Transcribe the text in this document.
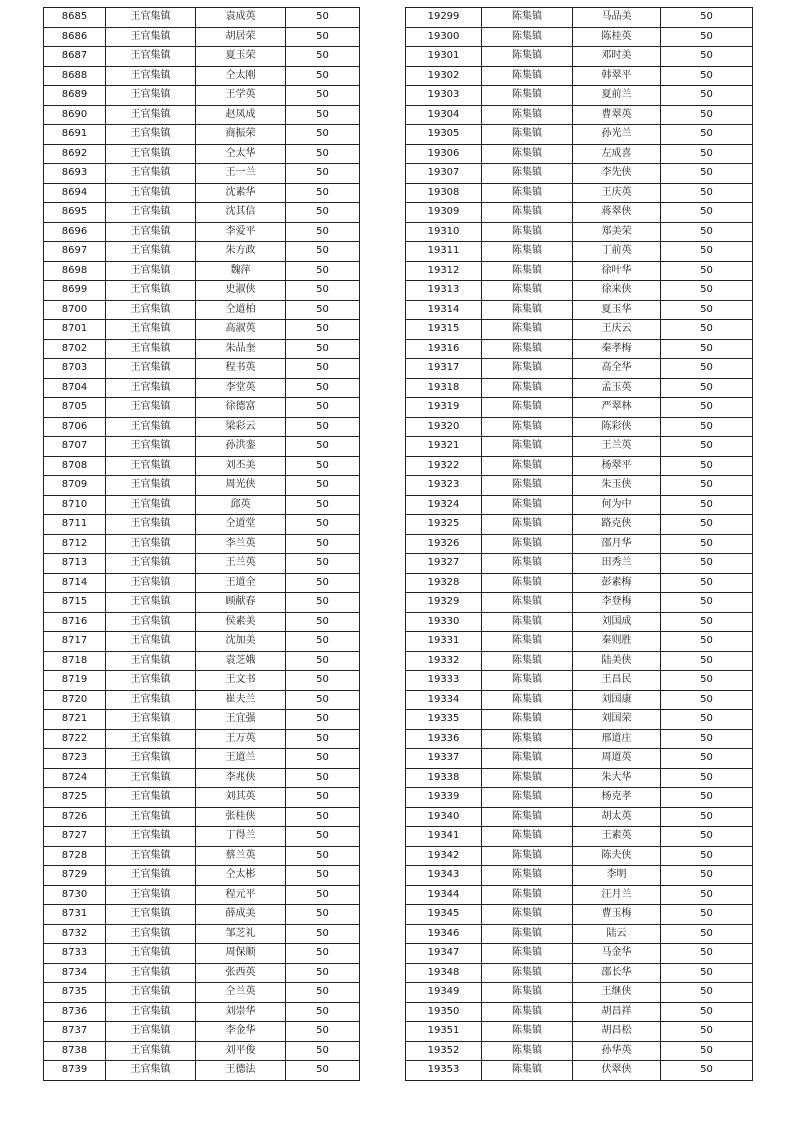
8685	王官集镇	袁成英	50
8686	王官集镇	胡居荣	50
8687	王官集镇	夏玉荣	50
8688	王官集镇	仝太刚	50
8689	王官集镇	王学英	50
8690	王官集镇	赵凤成	50
8691	王官集镇	商振荣	50
8692	王官集镇	仝太华	50
8693	王官集镇	王一兰	50
8694	王官集镇	沈素华	50
8695	王官集镇	沈其信	50
8696	王官集镇	李爱平	50
8697	王官集镇	朱方政	50
8698	王官集镇	魏萍	50
8699	王官集镇	史淑侠	50
8700	王官集镇	仝道柏	50
8701	王官集镇	高淑英	50
8702	王官集镇	朱品奎	50
8703	王官集镇	程书英	50
8704	王官集镇	李堂英	50
8705	王官集镇	徐德富	50
8706	王官集镇	梁彩云	50
8707	王官集镇	孙洪銮	50
8708	王官集镇	刘丕美	50
8709	王官集镇	周光侠	50
8710	王官集镇	邱英	50
8711	王官集镇	仝道堂	50
8712	王官集镇	李兰英	50
8713	王官集镇	王兰英	50
8714	王官集镇	王道全	50
8715	王官集镇	顾献春	50
8716	王官集镇	侯素美	50
8717	王官集镇	沈加美	50
8718	王官集镇	袁芝娥	50
8719	王官集镇	王文书	50
8720	王官集镇	崔夫兰	50
8721	王官集镇	王宜强	50
8722	王官集镇	王万英	50
8723	王官集镇	王道兰	50
8724	王官集镇	李兆侠	50
8725	王官集镇	刘其英	50
8726	王官集镇	张桂侠	50
8727	王官集镇	丁得兰	50
8728	王官集镇	蔡兰英	50
8729	王官集镇	仝太彬	50
8730	王官集镇	程元平	50
8731	王官集镇	薛成美	50
8732	王官集镇	邹芝礼	50
8733	王官集镇	周保顺	50
8734	王官集镇	张西英	50
8735	王官集镇	仝兰英	50
8736	王官集镇	刘崇华	50
8737	王官集镇	李金华	50
8738	王官集镇	刘平俊	50
8739	王官集镇	王德法	50
19299	陈集镇	马品美	50
19300	陈集镇	陈桂英	50
19301	陈集镇	邓时美	50
19302	陈集镇	韩翠平	50
19303	陈集镇	夏前兰	50
19304	陈集镇	曹翠英	50
19305	陈集镇	孙光兰	50
19306	陈集镇	左成喜	50
19307	陈集镇	李先侠	50
19308	陈集镇	王庆英	50
19309	陈集镇	蒋翠侠	50
19310	陈集镇	郑美荣	50
19311	陈集镇	丁前英	50
19312	陈集镇	徐叶华	50
19313	陈集镇	徐来侠	50
19314	陈集镇	夏玉华	50
19315	陈集镇	王庆云	50
19316	陈集镇	秦孝梅	50
19317	陈集镇	高全华	50
19318	陈集镇	孟玉英	50
19319	陈集镇	严翠林	50
19320	陈集镇	陈彩侠	50
19321	陈集镇	王兰英	50
19322	陈集镇	杨翠平	50
19323	陈集镇	朱玉侠	50
19324	陈集镇	何为中	50
19325	陈集镇	路克侠	50
19326	陈集镇	邵月华	50
19327	陈集镇	田秀兰	50
19328	陈集镇	彭素梅	50
19329	陈集镇	李登梅	50
19330	陈集镇	刘国成	50
19331	陈集镇	秦则胜	50
19332	陈集镇	陆美侠	50
19333	陈集镇	王昌民	50
19334	陈集镇	刘国康	50
19335	陈集镇	刘国荣	50
19336	陈集镇	邢道庄	50
19337	陈集镇	周道英	50
19338	陈集镇	朱大华	50
19339	陈集镇	杨克孝	50
19340	陈集镇	胡太英	50
19341	陈集镇	王素英	50
19342	陈集镇	陈夫侠	50
19343	陈集镇	李明	50
19344	陈集镇	汪月兰	50
19345	陈集镇	曹玉梅	50
19346	陈集镇	陆云	50
19347	陈集镇	马金华	50
19348	陈集镇	邵长华	50
19349	陈集镇	王继侠	50
19350	陈集镇	胡昌祥	50
19351	陈集镇	胡昌松	50
19352	陈集镇	孙华英	50
19353	陈集镇	伏翠侠	50
